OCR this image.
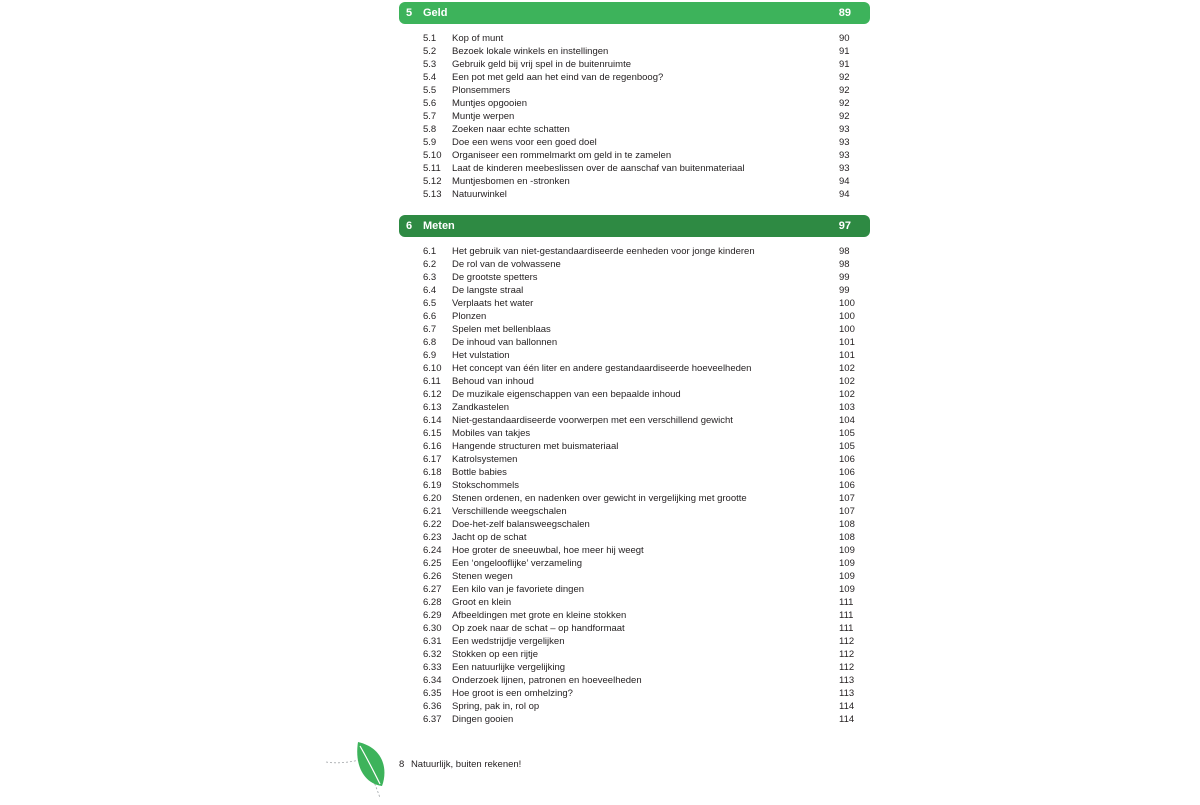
5 Geld	89
5.1 Kop of munt	90
5.2 Bezoek lokale winkels en instellingen	91
5.3 Gebruik geld bij vrij spel in de buitenruimte	91
5.4 Een pot met geld aan het eind van de regenboog?	92
5.5 Plonsemmers	92
5.6 Muntjes opgooien	92
5.7 Muntje werpen	92
5.8 Zoeken naar echte schatten	93
5.9 Doe een wens voor een goed doel	93
5.10 Organiseer een rommelmarkt om geld in te zamelen	93
5.11 Laat de kinderen meebeslissen over de aanschaf van buitenmateriaal	93
5.12 Muntjesbomen en -stronken	94
5.13 Natuurwinkel	94
6 Meten	97
6.1 Het gebruik van niet-gestandaardiseerde eenheden voor jonge kinderen	98
6.2 De rol van de volwassene	98
6.3 De grootste spetters	99
6.4 De langste straal	99
6.5 Verplaats het water	100
6.6 Plonzen	100
6.7 Spelen met bellenblaas	100
6.8 De inhoud van ballonnen	101
6.9 Het vulstation	101
6.10 Het concept van één liter en andere gestandaardiseerde hoeveelheden	102
6.11 Behoud van inhoud	102
6.12 De muzikale eigenschappen van een bepaalde inhoud	102
6.13 Zandkastelen	103
6.14 Niet-gestandaardiseerde voorwerpen met een verschillend gewicht	104
6.15 Mobiles van takjes	105
6.16 Hangende structuren met buismateriaal	105
6.17 Katrolsystemen	106
6.18 Bottle babies	106
6.19 Stokschommels	106
6.20 Stenen ordenen, en nadenken over gewicht in vergelijking met grootte	107
6.21 Verschillende weegschalen	107
6.22 Doe-het-zelf balansweegschalen	108
6.23 Jacht op de schat	108
6.24 Hoe groter de sneeuwbal, hoe meer hij weegt	109
6.25 Een ‘ongelooflijke’ verzameling	109
6.26 Stenen wegen	109
6.27 Een kilo van je favoriete dingen	109
6.28 Groot en klein	111
6.29 Afbeeldingen met grote en kleine stokken	111
6.30 Op zoek naar de schat – op handformaat	111
6.31 Een wedstrijdje vergelijken	112
6.32 Stokken op een rijtje	112
6.33 Een natuurlijke vergelijking	112
6.34 Onderzoek lijnen, patronen en hoeveelheden	113
6.35 Hoe groot is een omhelzing?	113
6.36 Spring, pak in, rol op	114
6.37 Dingen gooien	114
8 Natuurlijk, buiten rekenen!
